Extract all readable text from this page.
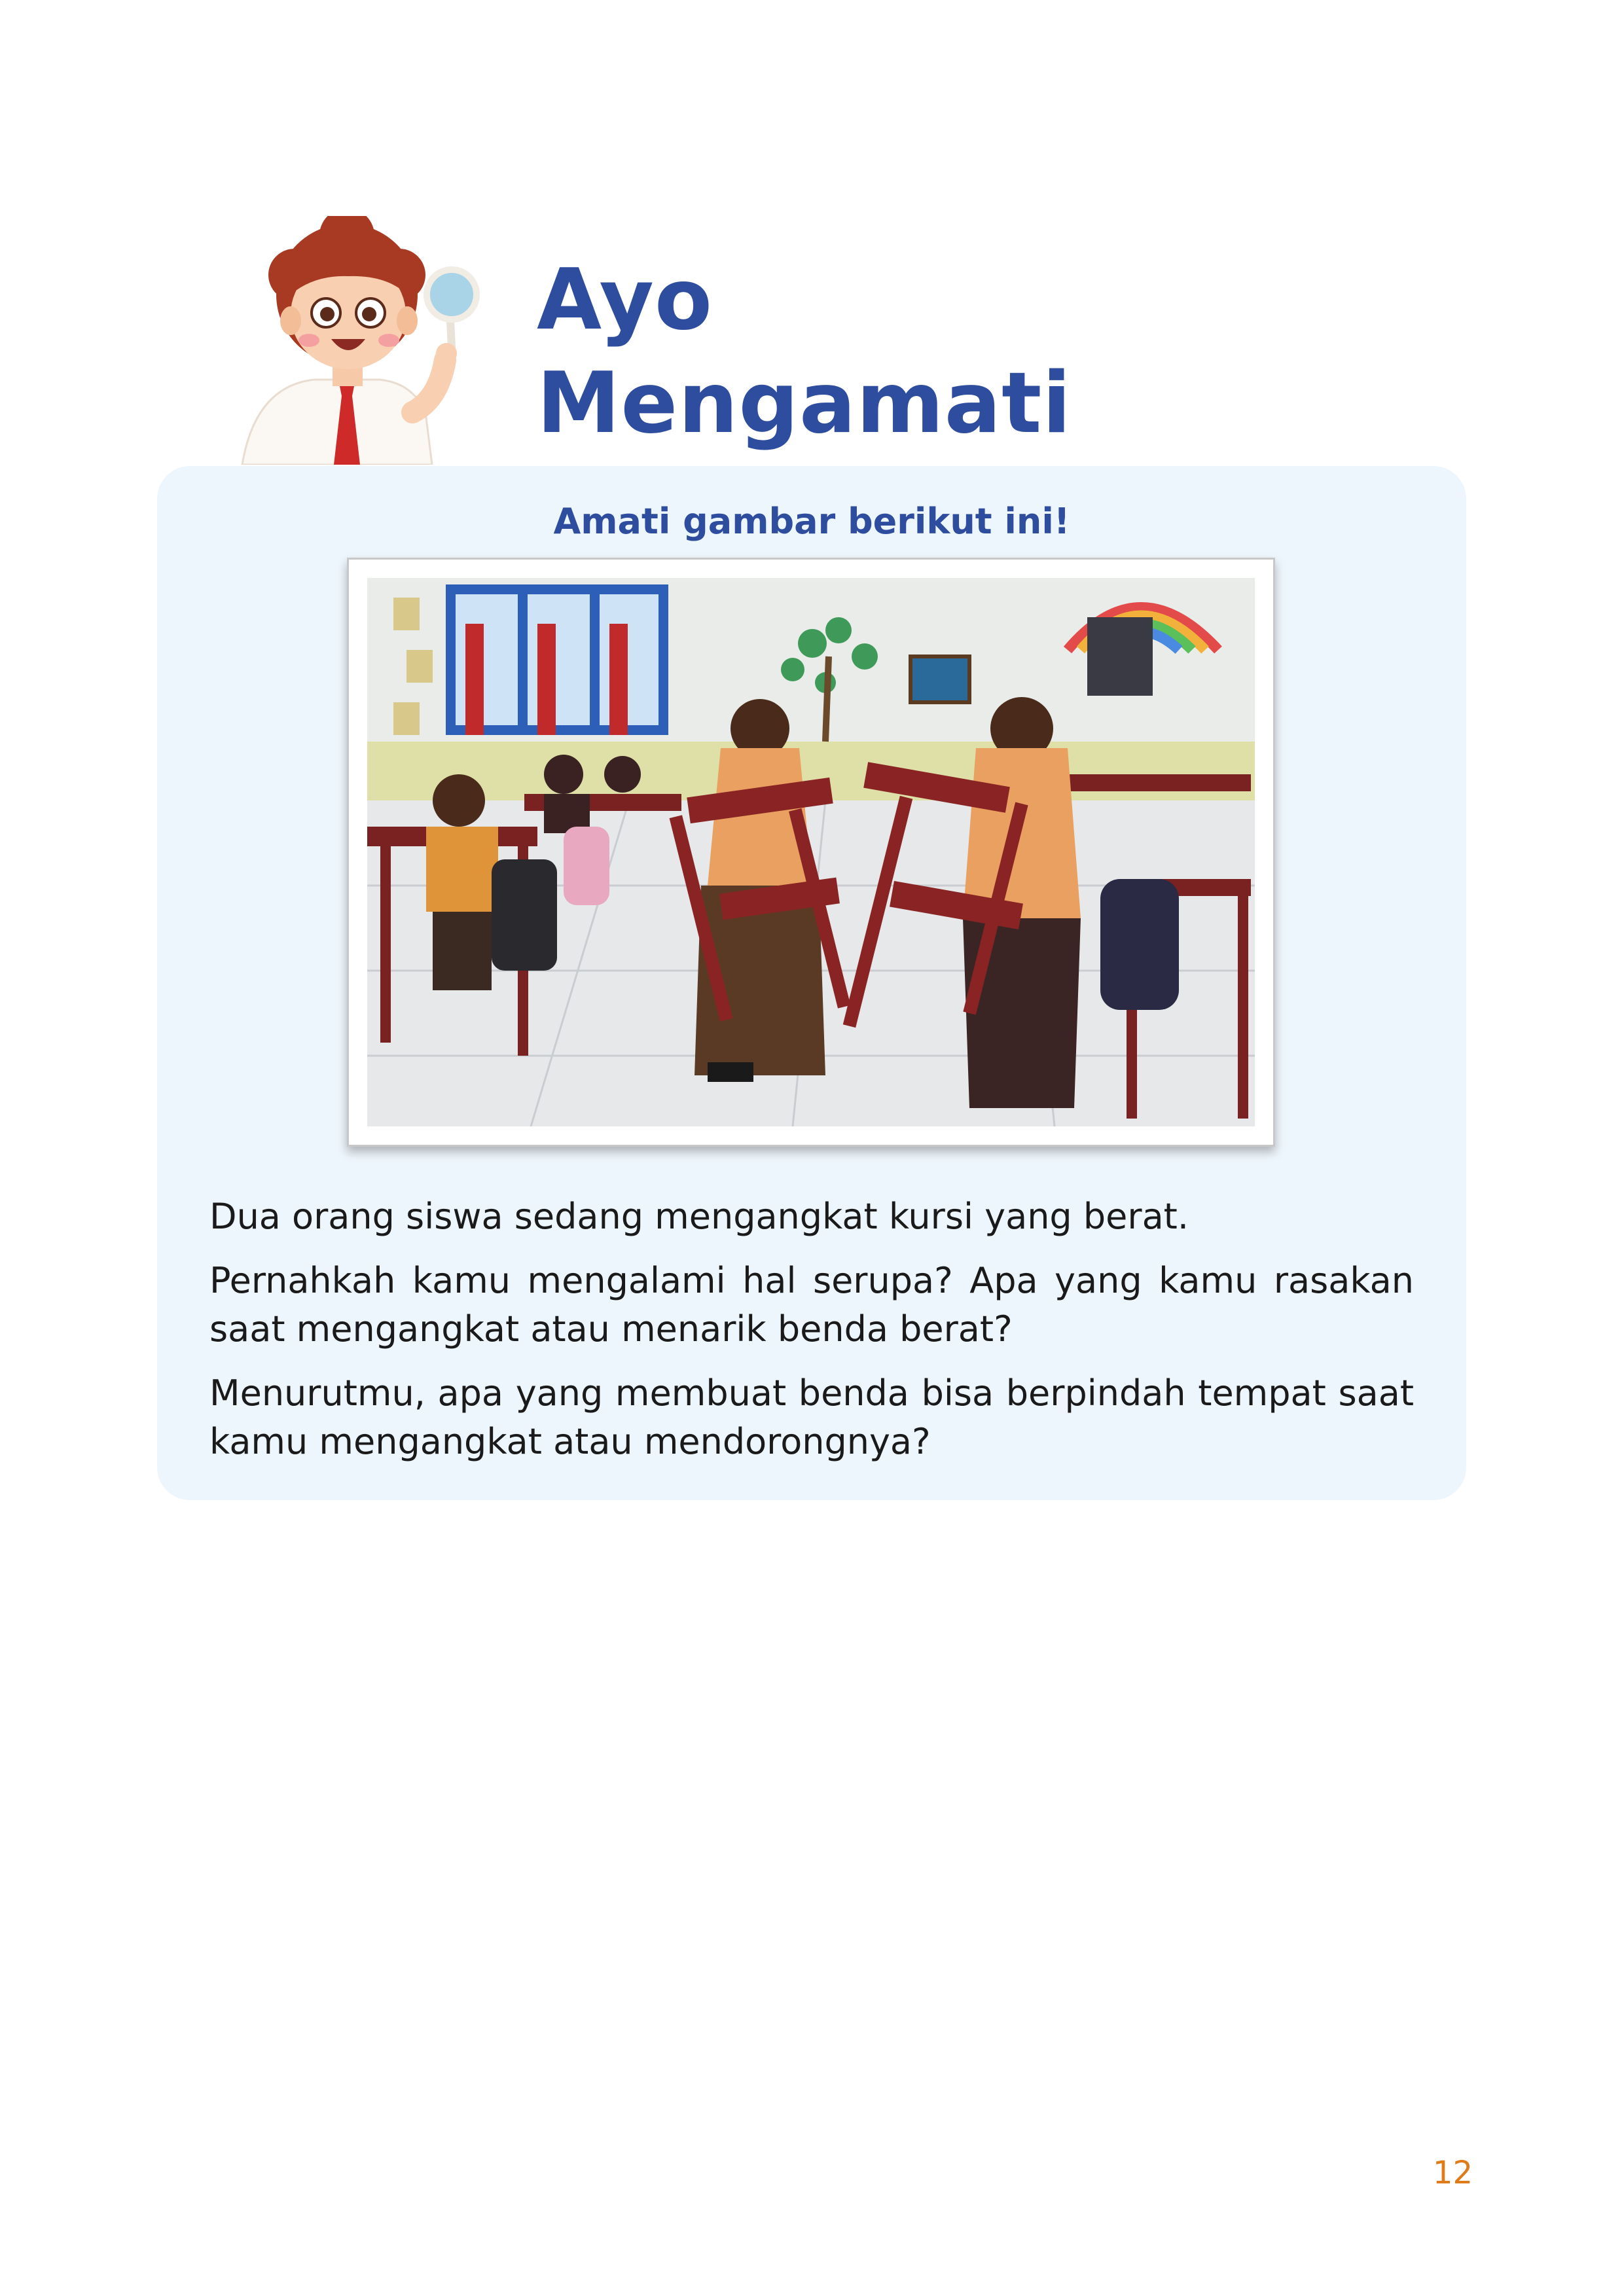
Ayo
Mengamati
Amati gambar berikut ini!

Dua orang siswa sedang mengangkat kursi yang berat.

Pernahkah kamu mengalami hal serupa? Apa yang kamu rasakan saat mengangkat atau menarik benda berat?

Menurutmu, apa yang membuat benda bisa berpindah tempat saat kamu mengangkat atau mendorongnya?

12
